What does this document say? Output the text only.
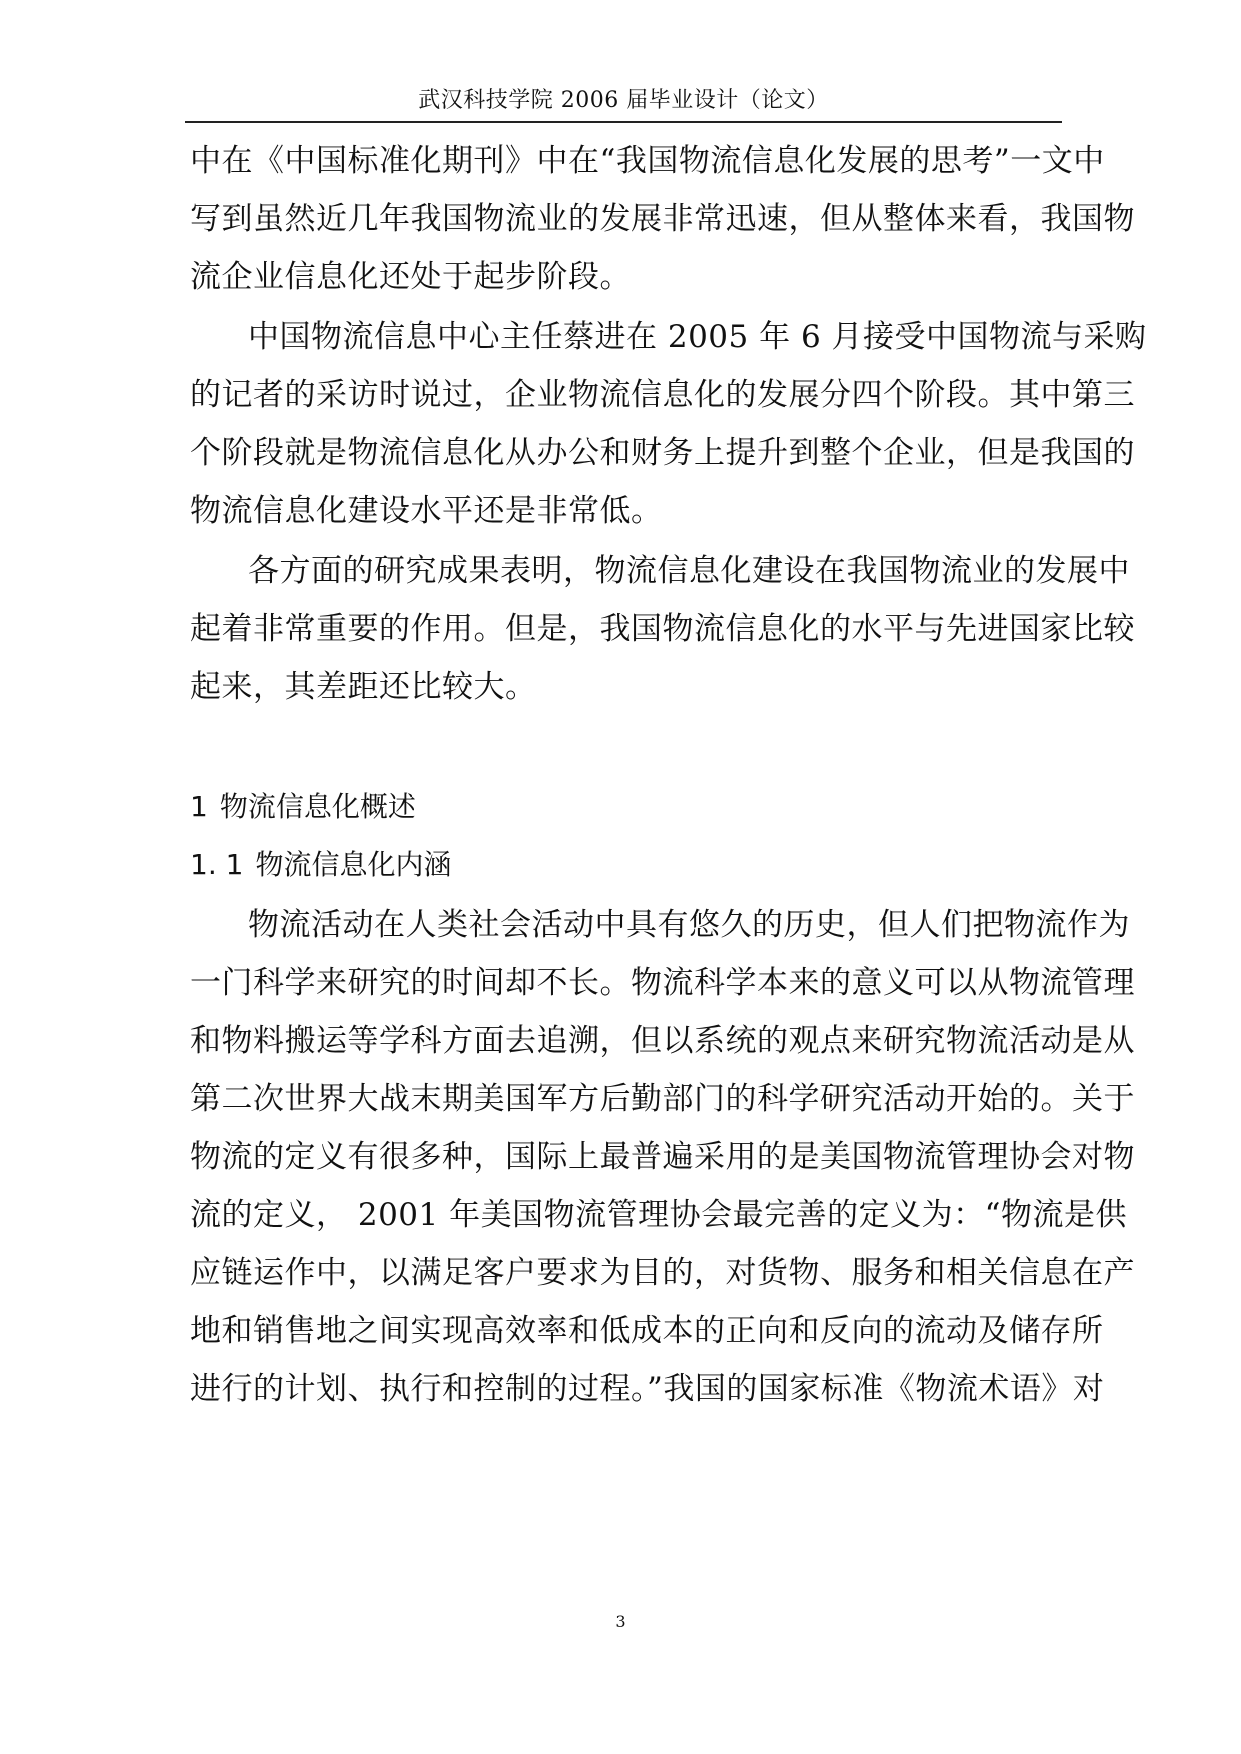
武汉科技学院 2006 届毕业设计（论文）
中在《中国标准化期刊》中在“我国物流信息化发展的思考”一文中
写到虽然近几年我国物流业的发展非常迅速，但从整体来看，我国物
流企业信息化还处于起步阶段。
中国物流信息中心主任蔡进在 2005 年 6 月接受中国物流与采购
的记者的采访时说过，企业物流信息化的发展分四个阶段。其中第三
个阶段就是物流信息化从办公和财务上提升到整个企业，但是我国的
物流信息化建设水平还是非常低。
各方面的研究成果表明，物流信息化建设在我国物流业的发展中
起着非常重要的作用。但是，我国物流信息化的水平与先进国家比较
起来，其差距还比较大。
1 物流信息化概述
1. 1 物流信息化内涵
物流活动在人类社会活动中具有悠久的历史，但人们把物流作为
一门科学来研究的时间却不长。物流科学本来的意义可以从物流管理
和物料搬运等学科方面去追溯，但以系统的观点来研究物流活动是从
第二次世界大战末期美国军方后勤部门的科学研究活动开始的。关于
物流的定义有很多种，国际上最普遍采用的是美国物流管理协会对物
流的定义， 2001 年美国物流管理协会最完善的定义为：“物流是供
应链运作中，以满足客户要求为目的，对货物、服务和相关信息在产
地和销售地之间实现高效率和低成本的正向和反向的流动及储存所
进行的计划、执行和控制的过程。”我国的国家标准《物流术语》对
3
